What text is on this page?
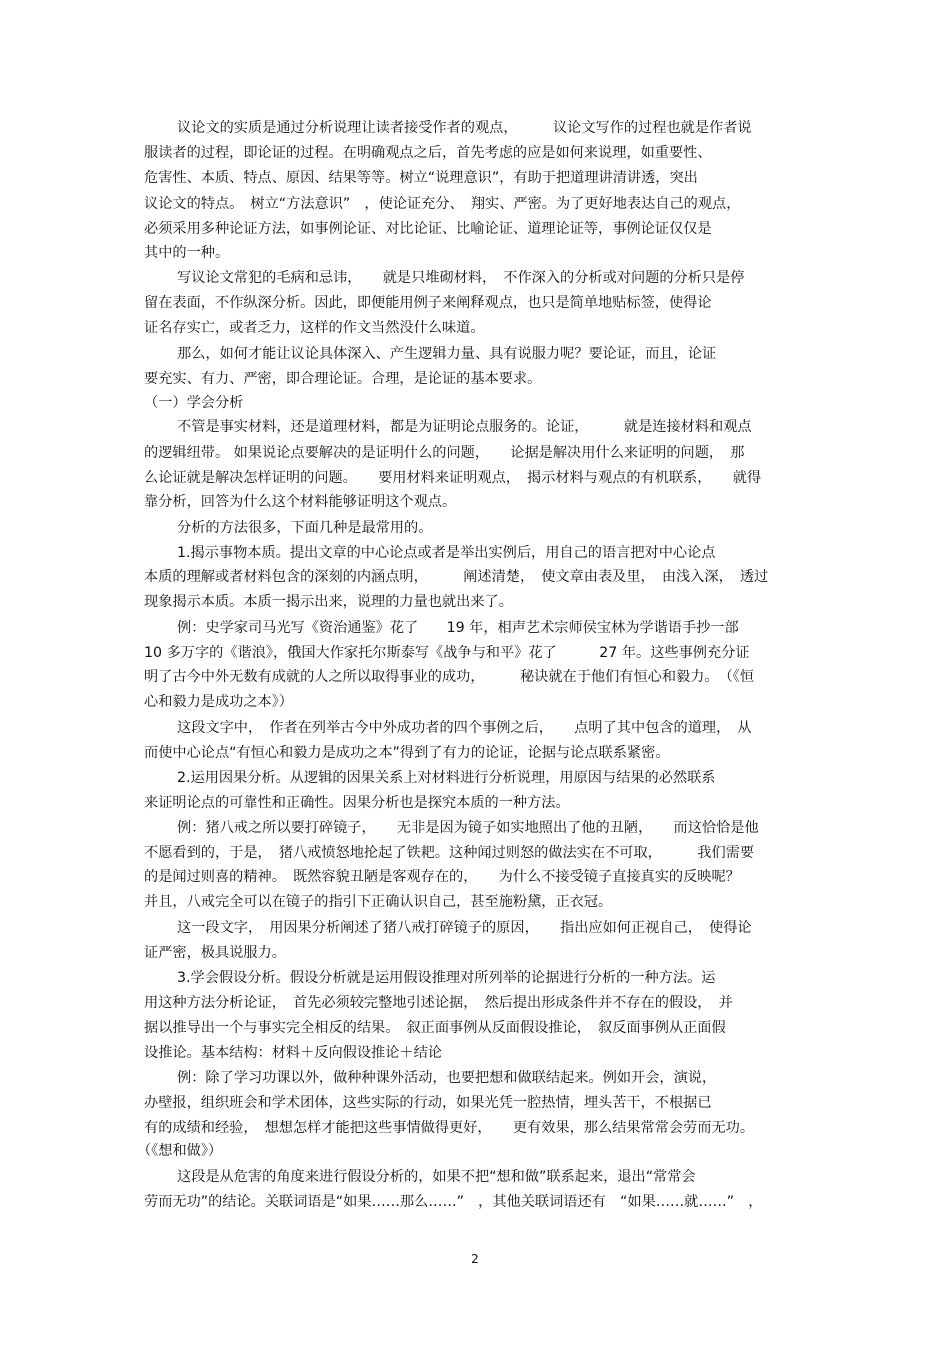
议论文的实质是通过分析说理让读者接受作者的观点，　　　议论文写作的过程也就是作者说

服读者的过程，即论证的过程。在明确观点之后，首先考虑的应是如何来说理，如重要性、

危害性、本质、特点、原因、结果等等。树立“说理意识”，有助于把道理讲清讲透，突出

议论文的特点。　树立“方法意识”　，使论证充分、　翔实、严密。为了更好地表达自己的观点，

必须采用多种论证方法，如事例论证、对比论证、比喻论证、道理论证等，事例论证仅仅是

其中的一种。

写议论文常犯的毛病和忌讳，　　就是只堆砌材料，　不作深入的分析或对问题的分析只是停

留在表面，不作纵深分析。因此，即便能用例子来阐释观点，也只是简单地贴标签，使得论

证名存实亡，或者乏力，这样的作文当然没什么味道。

那么，如何才能让议论具体深入、产生逻辑力量、具有说服力呢？要论证，而且，论证

要充实、有力、严密，即合理论证。合理，是论证的基本要求。

（一）学会分析

不管是事实材料，还是道理材料，都是为证明论点服务的。论证，　　　就是连接材料和观点

的逻辑纽带。 如果说论点要解决的是证明什么的问题，　　论据是解决用什么来证明的问题，　那

么论证就是解决怎样证明的问题。　　要用材料来证明观点，　揭示材料与观点的有机联系，　　就得

靠分析，回答为什么这个材料能够证明这个观点。

分析的方法很多，下面几种是最常用的。

1.揭示事物本质。提出文章的中心论点或者是举出实例后，用自己的语言把对中心论点

本质的理解或者材料包含的深刻的内涵点明，　　　阐述清楚，　使文章由表及里，　由浅入深，　透过

现象揭示本质。本质一揭示出来，说理的力量也就出来了。

例：史学家司马光写《资治通鉴》花了　　19 年，相声艺术宗师侯宝林为学谐语手抄一部

10 多万字的《谐浪》，俄国大作家托尔斯泰写《战争与和平》花了　　　27 年。这些事例充分证

明了古今中外无数有成就的人之所以取得事业的成功，　　　秘诀就在于他们有恒心和毅力。　（《恒

心和毅力是成功之本》）

这段文字中，　作者在列举古今中外成功者的四个事例之后，　　点明了其中包含的道理，　从

而使中心论点“有恒心和毅力是成功之本”得到了有力的论证，论据与论点联系紧密。

2.运用因果分析。从逻辑的因果关系上对材料进行分析说理，用原因与结果的必然联系

来证明论点的可靠性和正确性。因果分析也是探究本质的一种方法。

例：猪八戒之所以要打碎镜子，　　无非是因为镜子如实地照出了他的丑陋，　　而这恰恰是他

不愿看到的，于是，　猪八戒愤怒地抡起了铁耙。这种闻过则怒的做法实在不可取，　　　我们需要

的是闻过则喜的精神。　既然容貌丑陋是客观存在的，　　为什么不接受镜子直接真实的反映呢？

并且，八戒完全可以在镜子的指引下正确认识自己，甚至施粉黛，正衣冠。

这一段文字，　用因果分析阐述了猪八戒打碎镜子的原因，　　指出应如何正视自己，　使得论

证严密，极具说服力。

3.学会假设分析。假设分析就是运用假设推理对所列举的论据进行分析的一种方法。运

用这种方法分析论证，　首先必须较完整地引述论据，　然后提出形成条件并不存在的假设，　并

据以推导出一个与事实完全相反的结果。　叙正面事例从反面假设推论，　叙反面事例从正面假

设推论。基本结构：材料＋反向假设推论＋结论

例：除了学习功课以外，做种种课外活动，也要把想和做联结起来。例如开会，演说，

办壁报，组织班会和学术团体，这些实际的行动，如果光凭一腔热情，埋头苦干，不根据已

有的成绩和经验，　想想怎样才能把这些事情做得更好，　　更有效果，那么结果常常会劳而无功。

（《想和做》）

这段是从危害的角度来进行假设分析的，如果不把“想和做”联系起来，退出“常常会

劳而无功”的结论。关联词语是“如果……那么……”　，其他关联词语还有　“如果……就……”　，

2
